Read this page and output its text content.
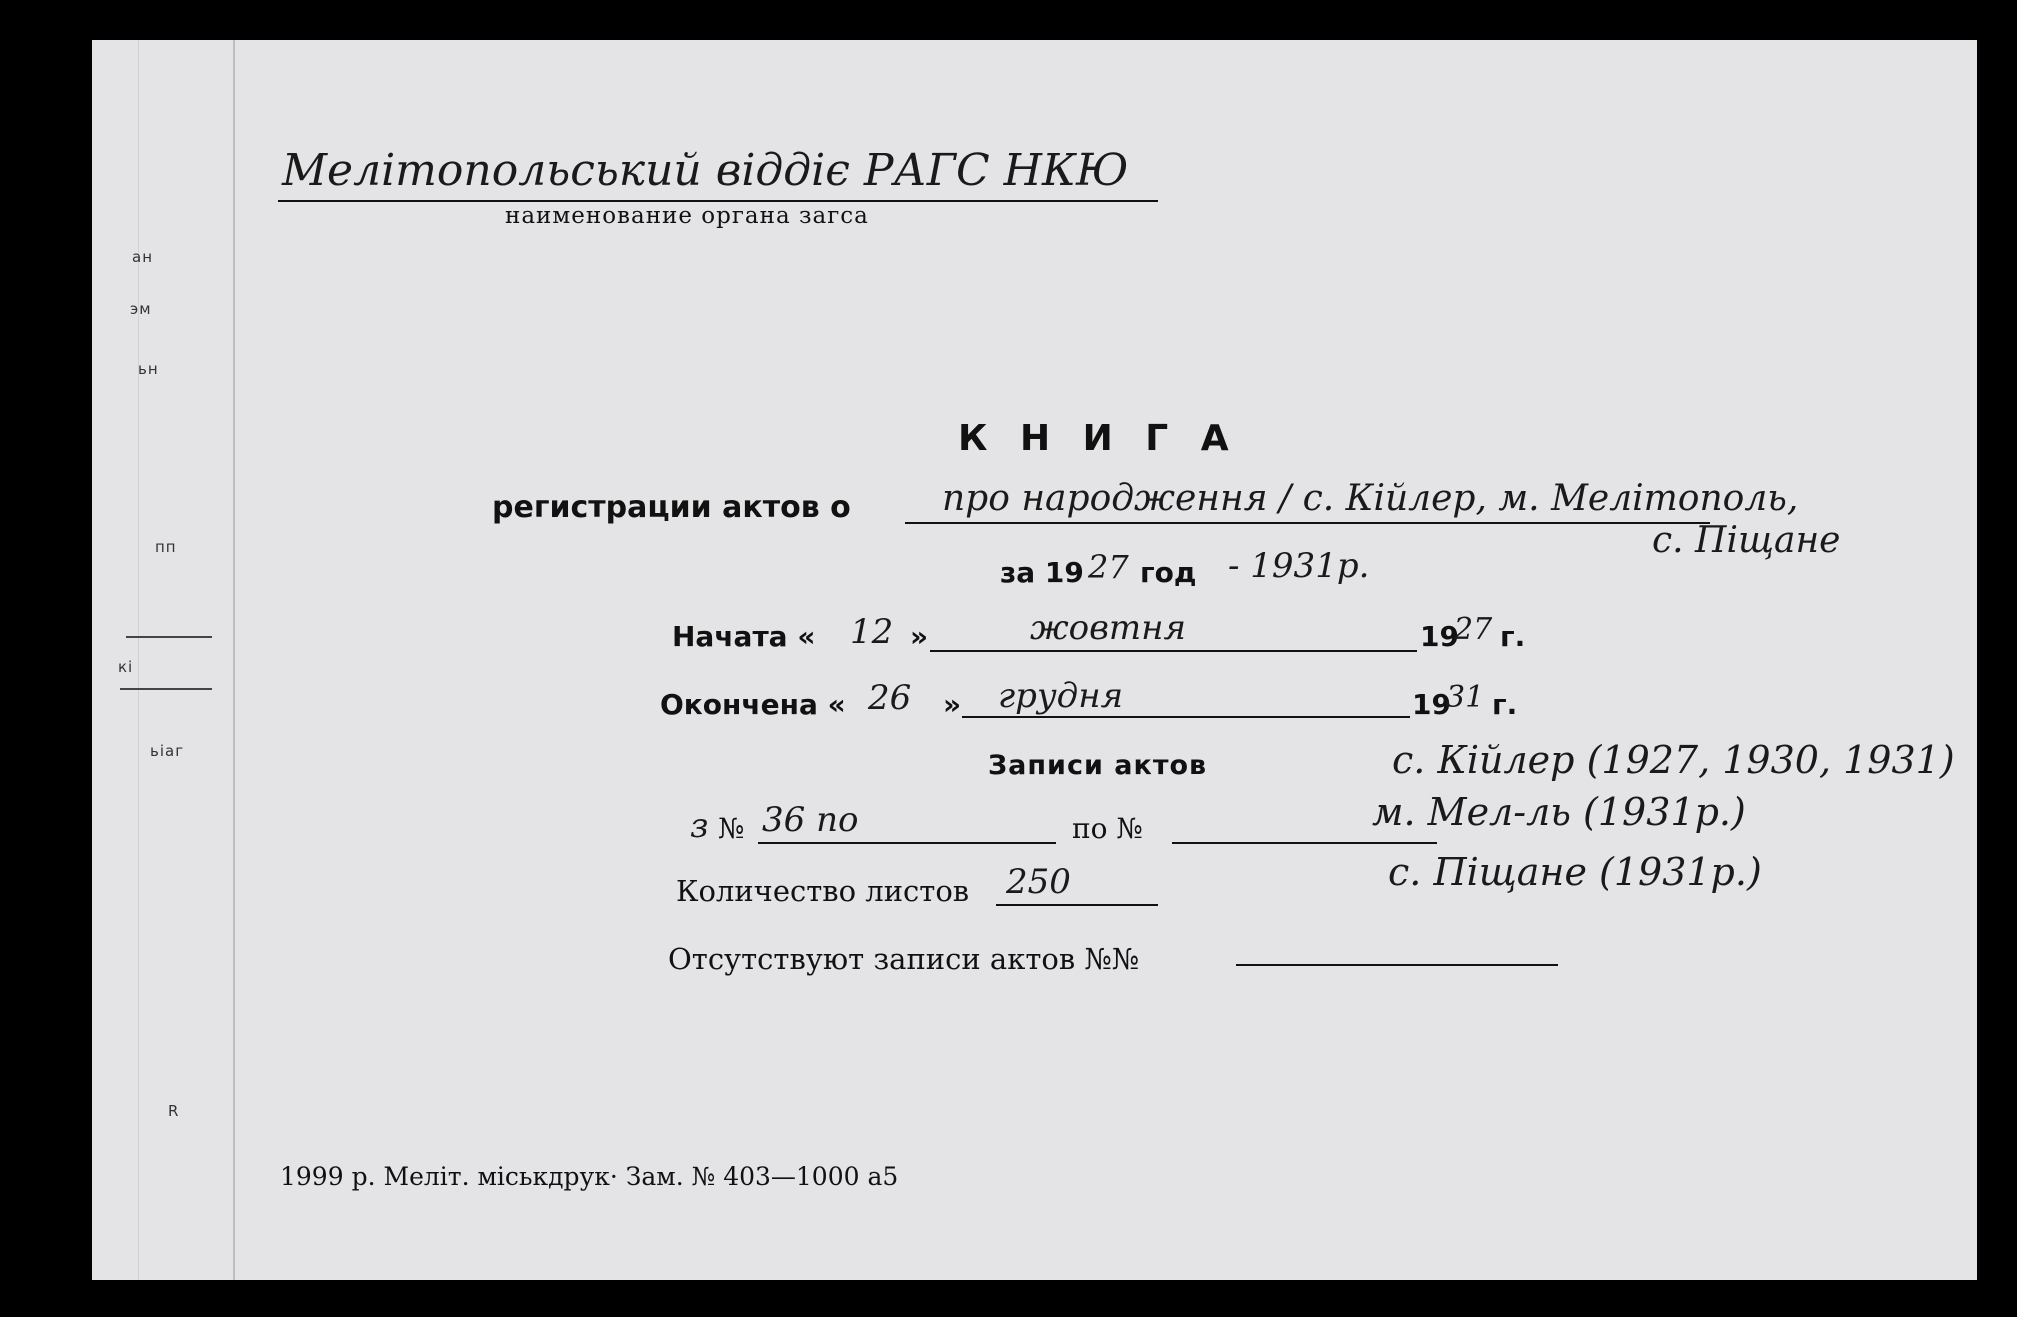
ан
эм
ьн
пп
кі
ьіаг
R
Мелітопольський віддіє РАГС НКЮ
наименование органа загса
К Н И Г А
регистрации актов о	про народження / с. Кійлер, м. Мелітополь,
с. Піщане
за 19 27 год - 1931р.
Начата « 12 »	жовтня	19
27 г.
Окончена « 26 » грудня	19
31 г.
Записи актов
з № 36 по	по №
Количество листов 250
Отсутствуют записи актов №№
с. Кійлер (1927, 1930, 1931)
м. Мел-ль (1931р.)
с. Піщане (1931р.)
1999 р. Меліт. міськдрук· Зам. № 403—1000 а5
